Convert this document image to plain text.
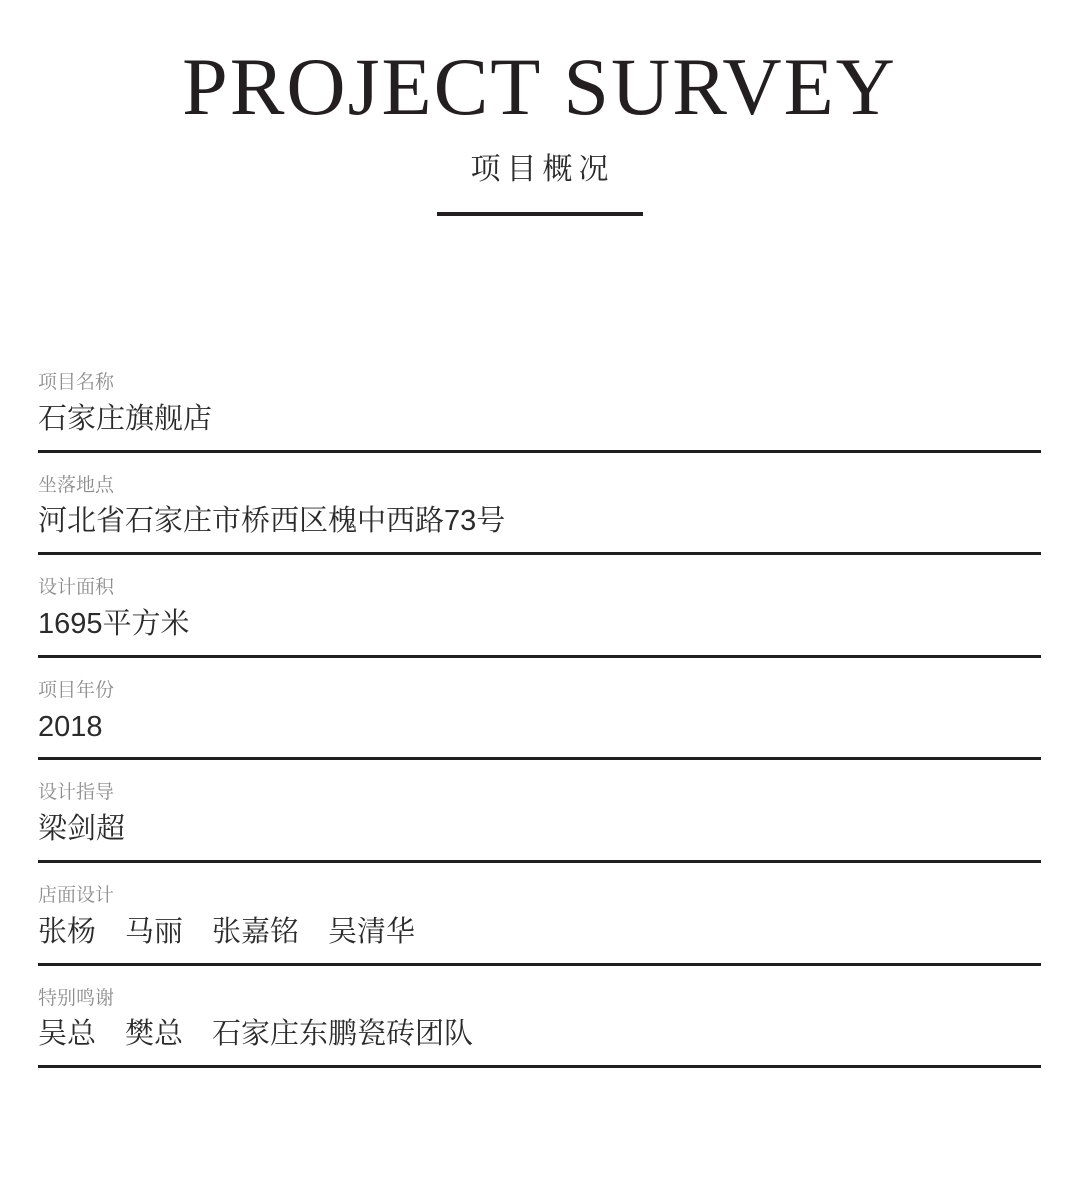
PROJECT SURVEY
项目概况
项目名称
石家庄旗舰店
坐落地点
河北省石家庄市桥西区槐中西路73号
设计面积
1695平方米
项目年份
2018
设计指导
梁剑超
店面设计
张杨　马丽　张嘉铭　吴清华
特别鸣谢
吴总　樊总　石家庄东鹏瓷砖团队
